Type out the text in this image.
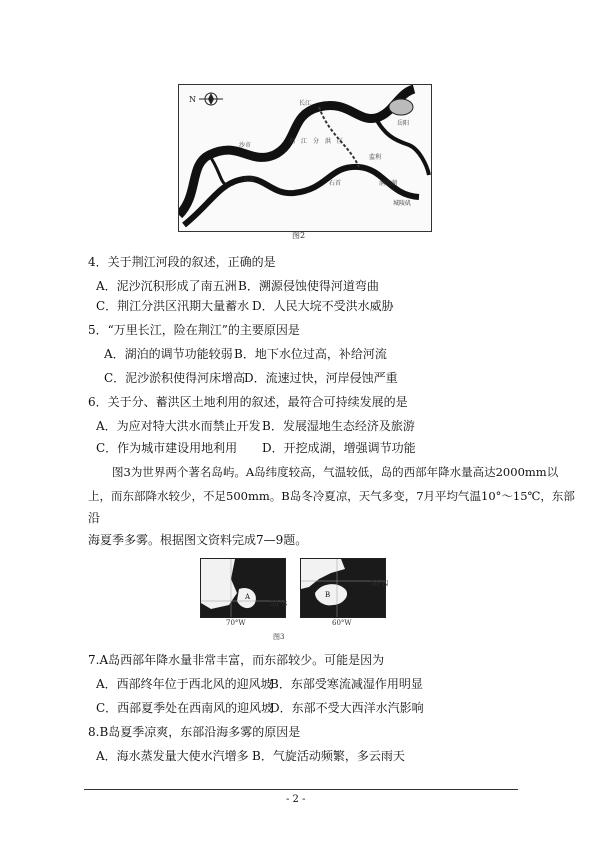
N
沙市
公安
荆 江 分 洪 区
长江
石首
监利
岳阳
洞庭湖
城陵矶
图2
4．关于荆江河段的叙述，正确的是
A．泥沙沉积形成了南五洲 B．溯源侵蚀使得河道弯曲
C．荆江分洪区汛期大量蓄水 D．人民大垸不受洪水威胁
5．“万里长江，险在荆江”的主要原因是
A．湖泊的调节功能较弱 B．地下水位过高，补给河流
C．泥沙淤积使得河床增高
D．流速过快，河岸侵蚀严重
6．关于分、蓄洪区土地利用的叙述，最符合可持续发展的是
A．为应对特大洪水而禁止开发 B．发展湿地生态经济及旅游
C．作为城市建设用地利用 D．开挖成湖，增强调节功能
图3为世界两个著名岛屿。A岛纬度较高，气温较低，岛的西部年降水量高达2000mm以
上，而东部降水较少，不足500mm。B岛冬冷夏凉，天气多变，7月平均气温10°～15℃，东部
沿
海夏季多雾。根据图文资料完成7—9题。
A
55°S
70°W
B
50°N
60°W
图3
7.A岛西部年降水量非常丰富，而东部较少。可能是因为
A．西部终年位于西北风的迎风坡
B．东部受寒流减湿作用明显
C．西部夏季处在西南风的迎风坡
D．东部不受大西洋水汽影响
8.B岛夏季凉爽，东部沿海多雾的原因是
A．海水蒸发量大使水汽增多 B．气旋活动频繁，多云雨天
- 2 -
